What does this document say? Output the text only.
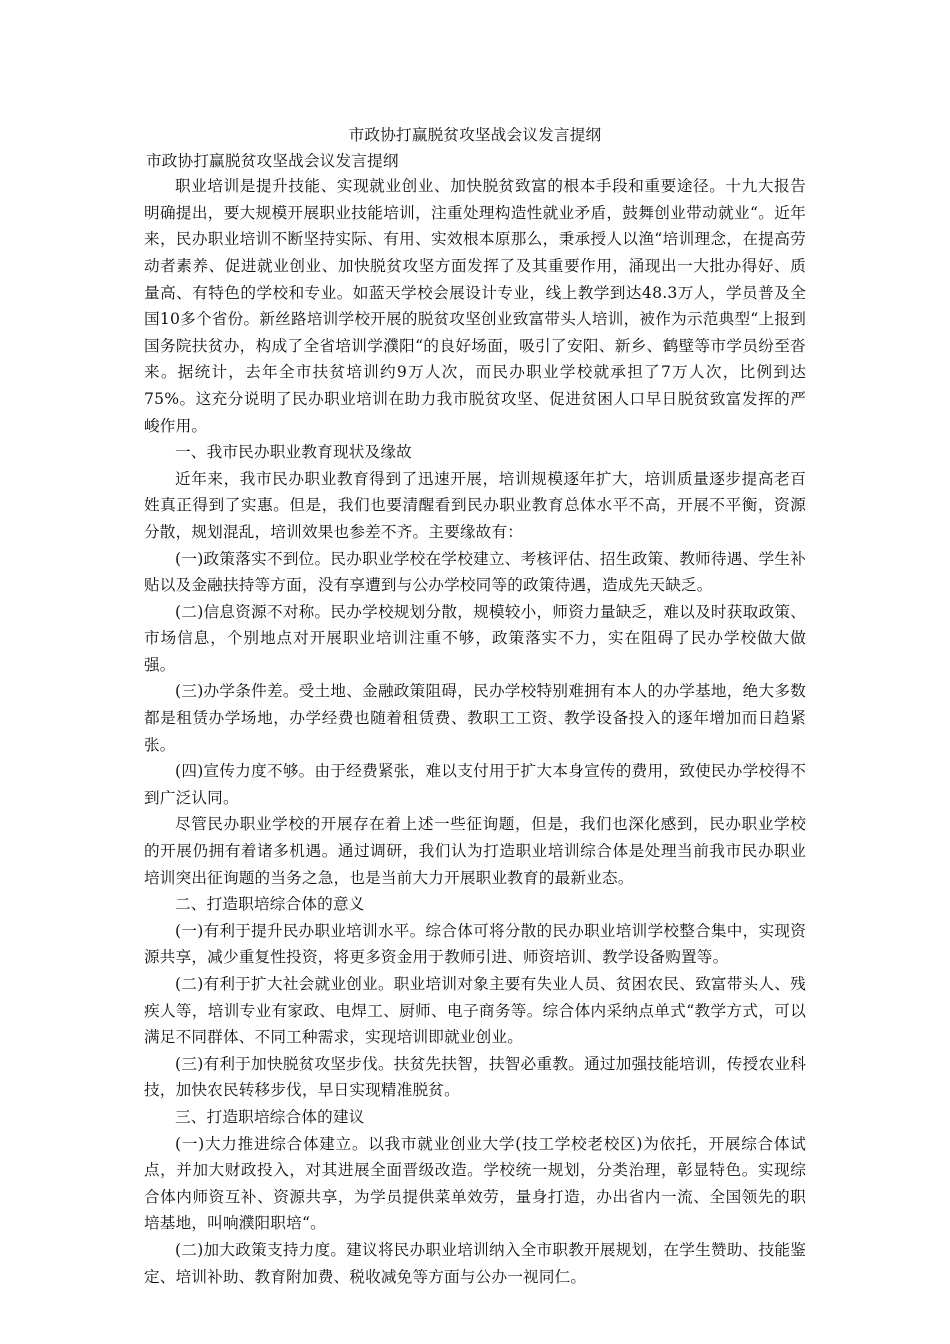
市政协打赢脱贫攻坚战会议发言提纲
市政协打赢脱贫攻坚战会议发言提纲

职业培训是提升技能、实现就业创业、加快脱贫致富的根本手段和重要途径。十九大报告明确提出，要大规模开展职业技能培训，注重处理构造性就业矛盾，鼓舞创业带动就业“。近年来，民办职业培训不断坚持实际、有用、实效根本原那么，秉承授人以渔“培训理念，在提高劳动者素养、促进就业创业、加快脱贫攻坚方面发挥了及其重要作用，涌现出一大批办得好、质量高、有特色的学校和专业。如蓝天学校会展设计专业，线上教学到达48.3万人，学员普及全国10多个省份。新丝路培训学校开展的脱贫攻坚创业致富带头人培训，被作为示范典型“上报到国务院扶贫办，构成了全省培训学濮阳“的良好场面，吸引了安阳、新乡、鹤壁等市学员纷至沓来。据统计，去年全市扶贫培训约9万人次，而民办职业学校就承担了7万人次，比例到达75%。这充分说明了民办职业培训在助力我市脱贫攻坚、促进贫困人口早日脱贫致富发挥的严峻作用。

一、我市民办职业教育现状及缘故

近年来，我市民办职业教育得到了迅速开展，培训规模逐年扩大，培训质量逐步提高老百姓真正得到了实惠。但是，我们也要清醒看到民办职业教育总体水平不高，开展不平衡，资源分散，规划混乱，培训效果也参差不齐。主要缘故有：

(一)政策落实不到位。民办职业学校在学校建立、考核评估、招生政策、教师待遇、学生补贴以及金融扶持等方面，没有享遭到与公办学校同等的政策待遇，造成先天缺乏。

(二)信息资源不对称。民办学校规划分散，规模较小，师资力量缺乏，难以及时获取政策、市场信息，个别地点对开展职业培训注重不够，政策落实不力，实在阻碍了民办学校做大做强。

(三)办学条件差。受土地、金融政策阻碍，民办学校特别难拥有本人的办学基地，绝大多数都是租赁办学场地，办学经费也随着租赁费、教职工工资、教学设备投入的逐年增加而日趋紧张。

(四)宣传力度不够。由于经费紧张，难以支付用于扩大本身宣传的费用，致使民办学校得不到广泛认同。

尽管民办职业学校的开展存在着上述一些征询题，但是，我们也深化感到，民办职业学校的开展仍拥有着诸多机遇。通过调研，我们认为打造职业培训综合体是处理当前我市民办职业培训突出征询题的当务之急，也是当前大力开展职业教育的最新业态。

二、打造职培综合体的意义

(一)有利于提升民办职业培训水平。综合体可将分散的民办职业培训学校整合集中，实现资源共享，减少重复性投资，将更多资金用于教师引进、师资培训、教学设备购置等。

(二)有利于扩大社会就业创业。职业培训对象主要有失业人员、贫困农民、致富带头人、残疾人等，培训专业有家政、电焊工、厨师、电子商务等。综合体内采纳点单式“教学方式，可以满足不同群体、不同工种需求，实现培训即就业创业。

(三)有利于加快脱贫攻坚步伐。扶贫先扶智，扶智必重教。通过加强技能培训，传授农业科技，加快农民转移步伐，早日实现精准脱贫。

三、打造职培综合体的建议

(一)大力推进综合体建立。以我市就业创业大学(技工学校老校区)为依托，开展综合体试点，并加大财政投入，对其进展全面晋级改造。学校统一规划，分类治理，彰显特色。实现综合体内师资互补、资源共享，为学员提供菜单效劳，量身打造，办出省内一流、全国领先的职培基地，叫响濮阳职培“。

(二)加大政策支持力度。建议将民办职业培训纳入全市职教开展规划，在学生赞助、技能鉴定、培训补助、教育附加费、税收减免等方面与公办一视同仁。
